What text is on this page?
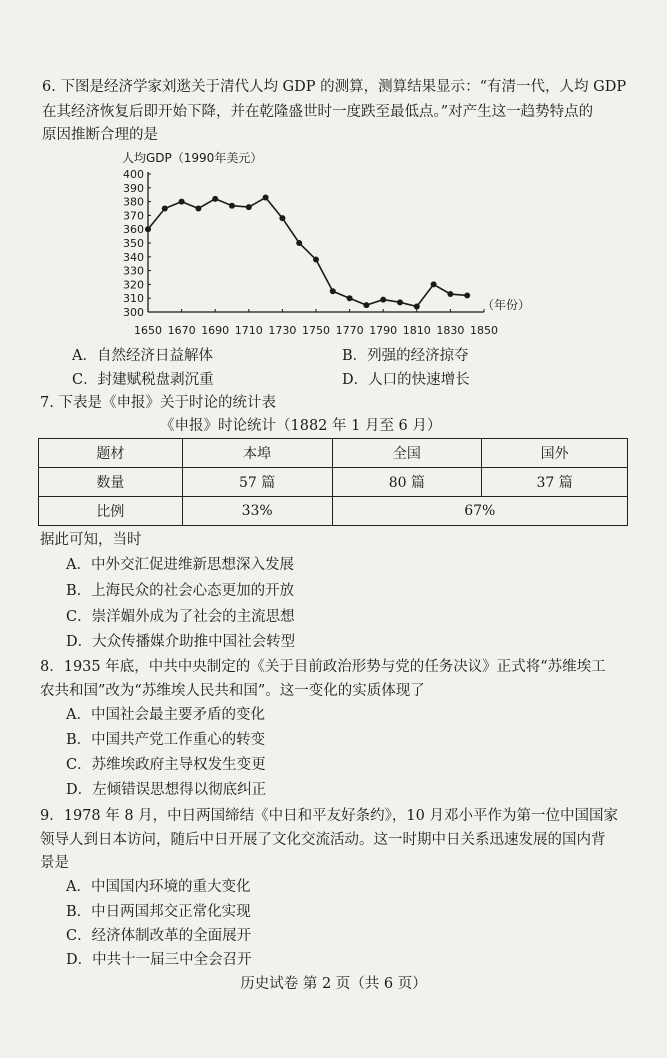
6. 下图是经济学家刘逖关于清代人均 GDP 的测算，测算结果显示：“有清一代，人均 GDP
在其经济恢复后即开始下降，并在乾隆盛世时一度跌至最低点。”对产生这一趋势特点的
原因推断合理的是
人均GDP（1990年美元）
400
390
380
370
360
350
340
330
320
310
300
1650 1670 1690 1710 1730 1750 1770 1790 1810 1830 1850
（年份）
A．自然经济日益解体	B．列强的经济掠夺
C．封建赋税盘剥沉重	D．人口的快速增长
7. 下表是《申报》关于时论的统计表
《申报》时论统计（1882 年 1 月至 6 月）
题材	本埠	全国	国外
数量	57 篇	80 篇	37 篇
比例	33%	67%	
据此可知，当时
A．中外交汇促进维新思想深入发展
B．上海民众的社会心态更加的开放
C．崇洋媚外成为了社会的主流思想
D．大众传播媒介助推中国社会转型
8．1935 年底，中共中央制定的《关于目前政治形势与党的任务决议》正式将“苏维埃工
农共和国”改为“苏维埃人民共和国”。这一变化的实质体现了
A．中国社会最主要矛盾的变化
B．中国共产党工作重心的转变
C．苏维埃政府主导权发生变更
D．左倾错误思想得以彻底纠正
9．1978 年 8 月，中日两国缔结《中日和平友好条约》，10 月邓小平作为第一位中国国家
领导人到日本访问，随后中日开展了文化交流活动。这一时期中日关系迅速发展的国内背
景是
A．中国国内环境的重大变化
B．中日两国邦交正常化实现
C．经济体制改革的全面展开
D．中共十一届三中全会召开
历史试卷 第 2 页（共 6 页）
